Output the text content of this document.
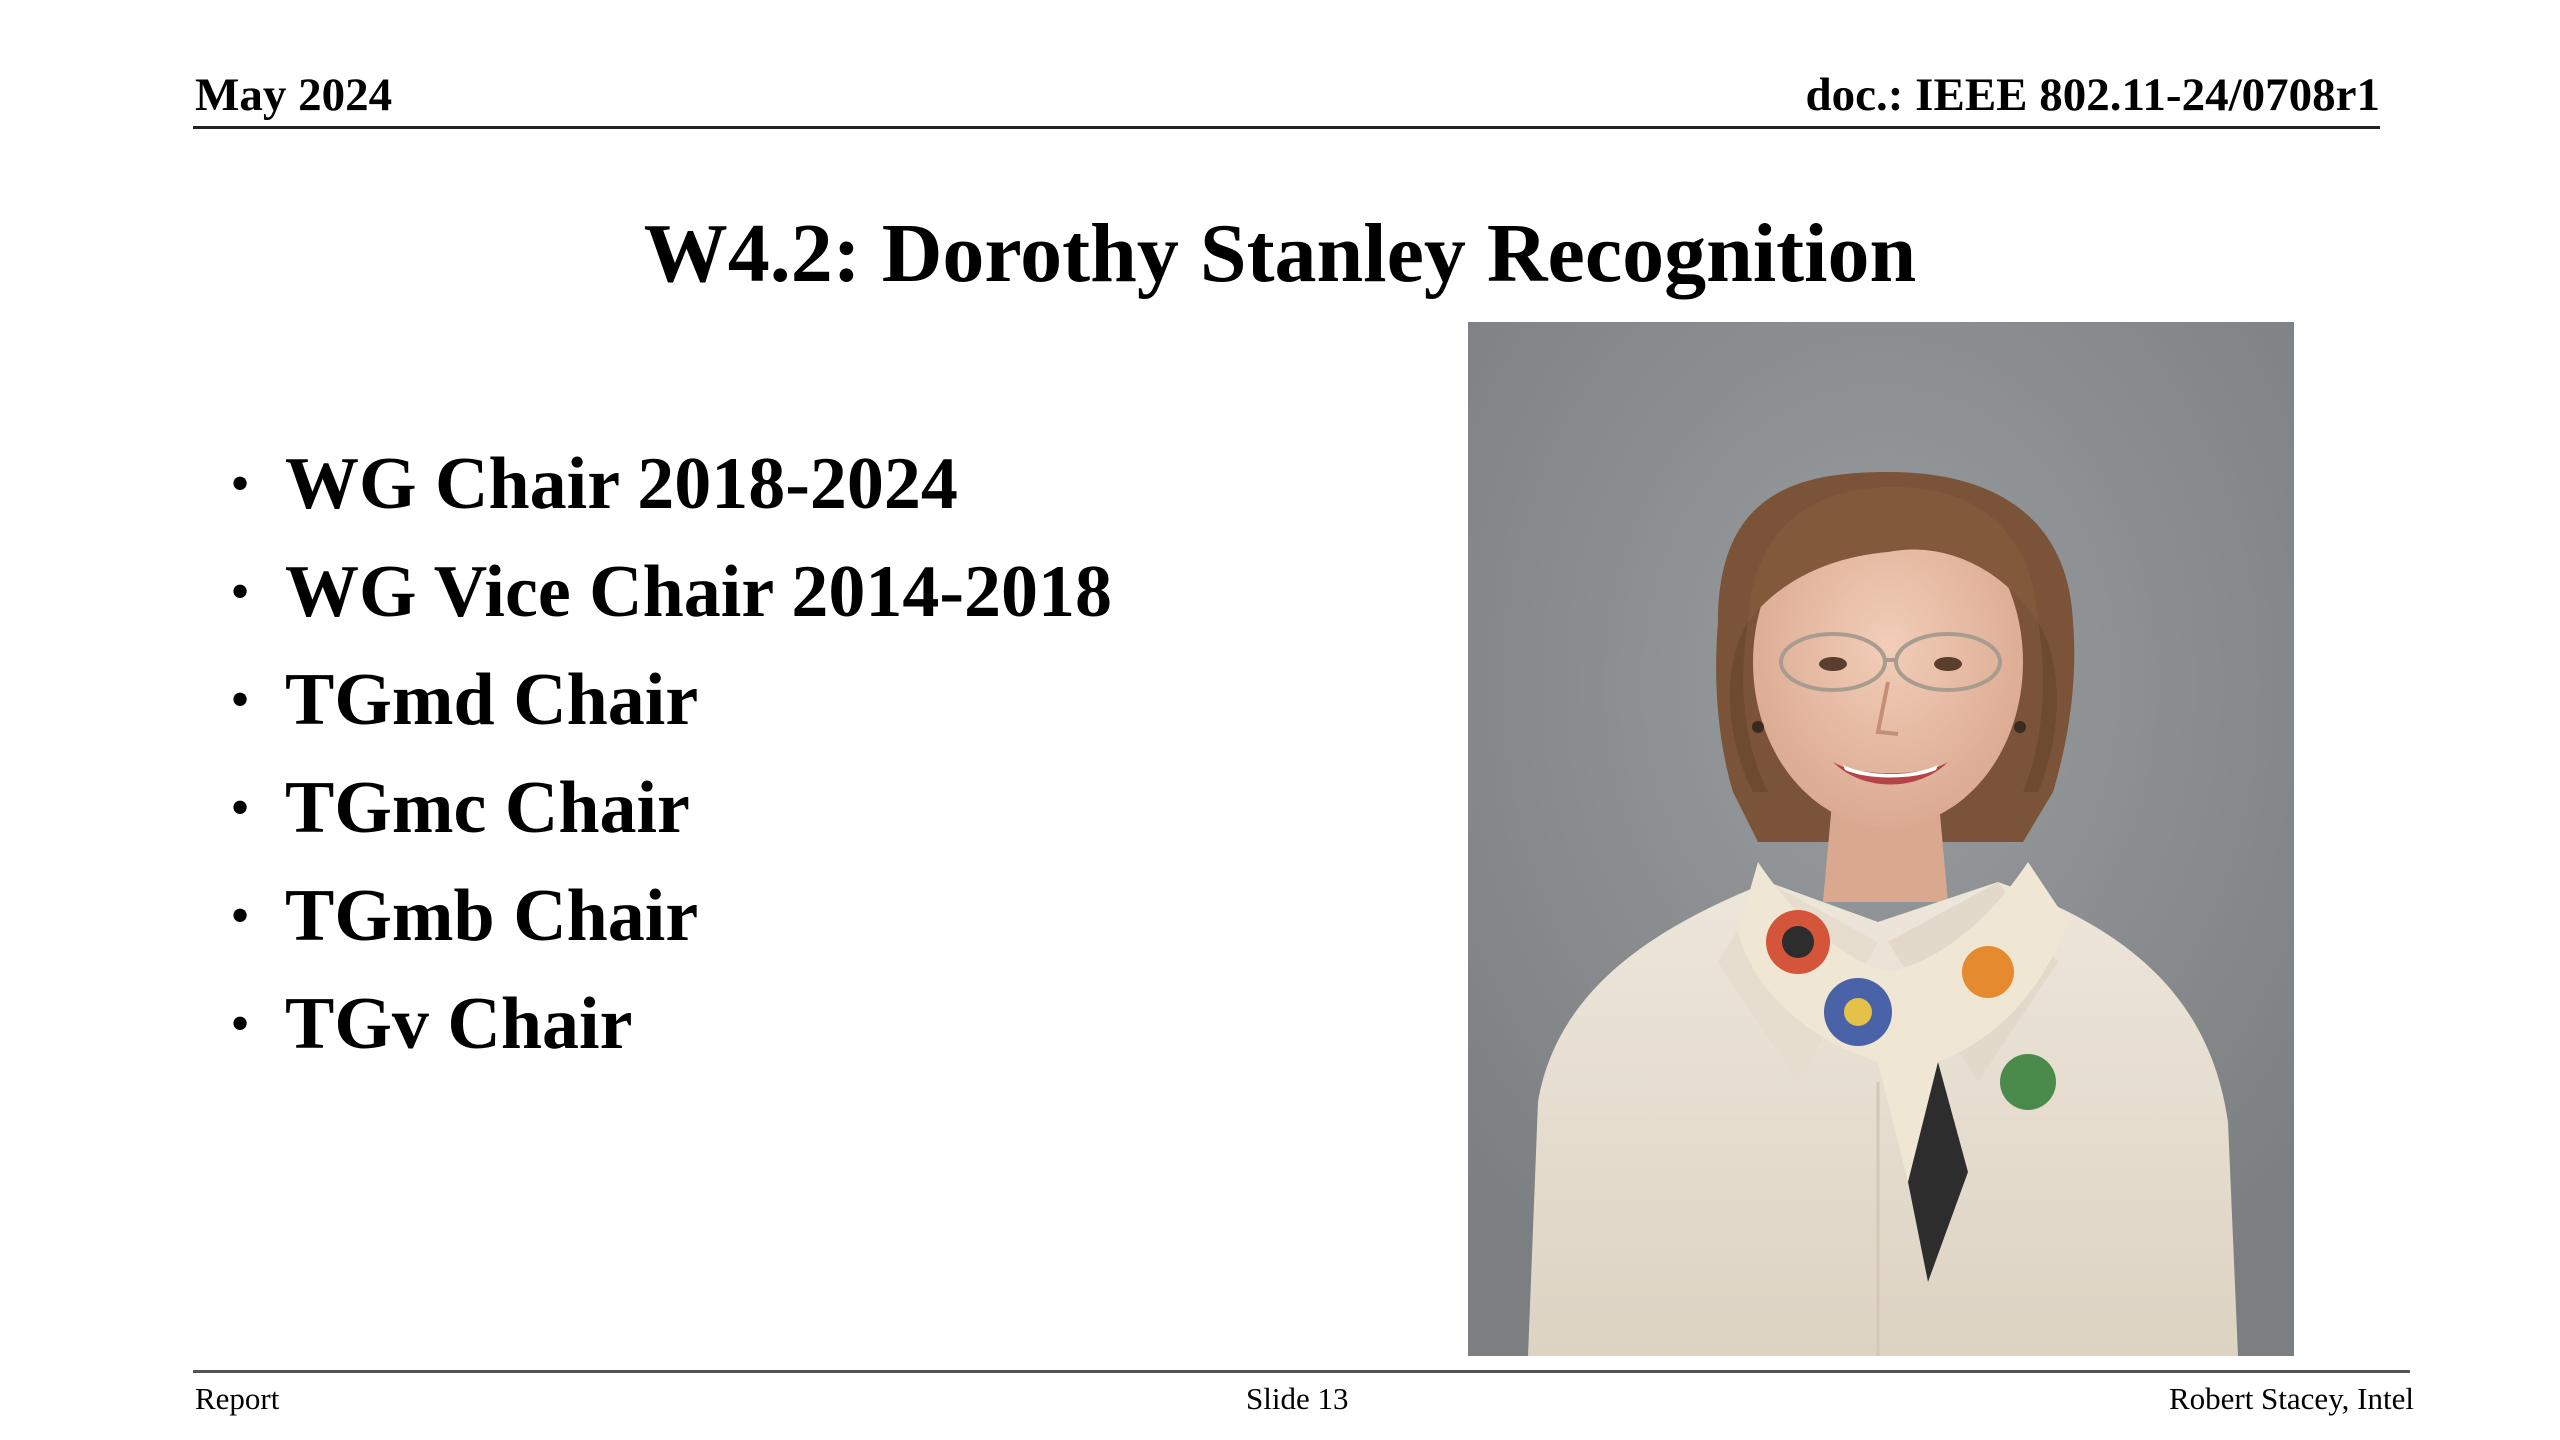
May 2024	doc.: IEEE 802.11-24/0708r1
W4.2: Dorothy Stanley Recognition
• WG Chair 2018-2024
• WG Vice Chair 2014-2018
• TGmd Chair
• TGmc Chair
• TGmb Chair
• TGv Chair
Report	Slide 13	Robert Stacey, Intel
